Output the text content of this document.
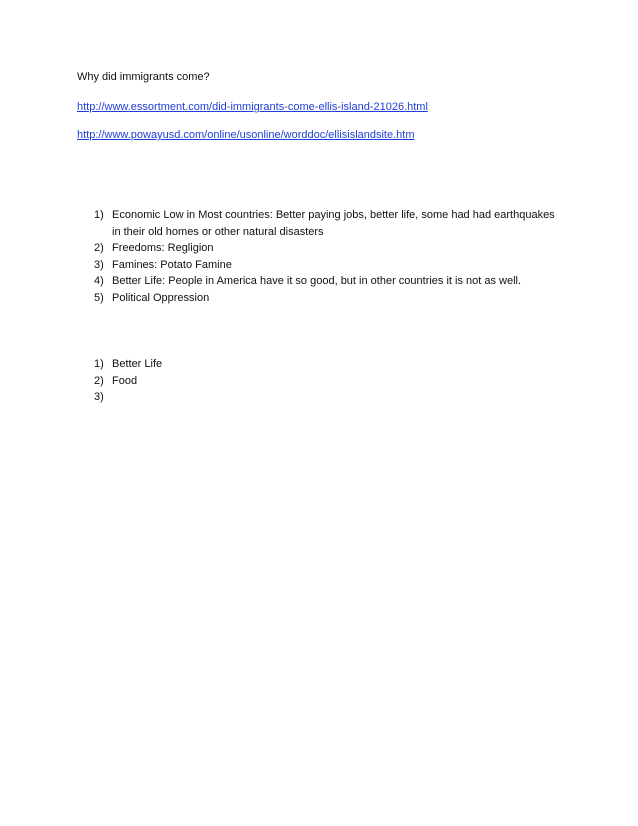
Why did immigrants come?
http://www.essortment.com/did-immigrants-come-ellis-island-21026.html
http://www.powayusd.com/online/usonline/worddoc/ellisislandsite.htm
1) Economic Low in Most countries: Better paying jobs, better life, some had had earthquakes in their old homes or other natural disasters
2) Freedoms: Regligion
3) Famines: Potato Famine
4) Better Life: People in America have it so good, but in other countries it is not as well.
5) Political Oppression
1) Better Life
2) Food
3)
